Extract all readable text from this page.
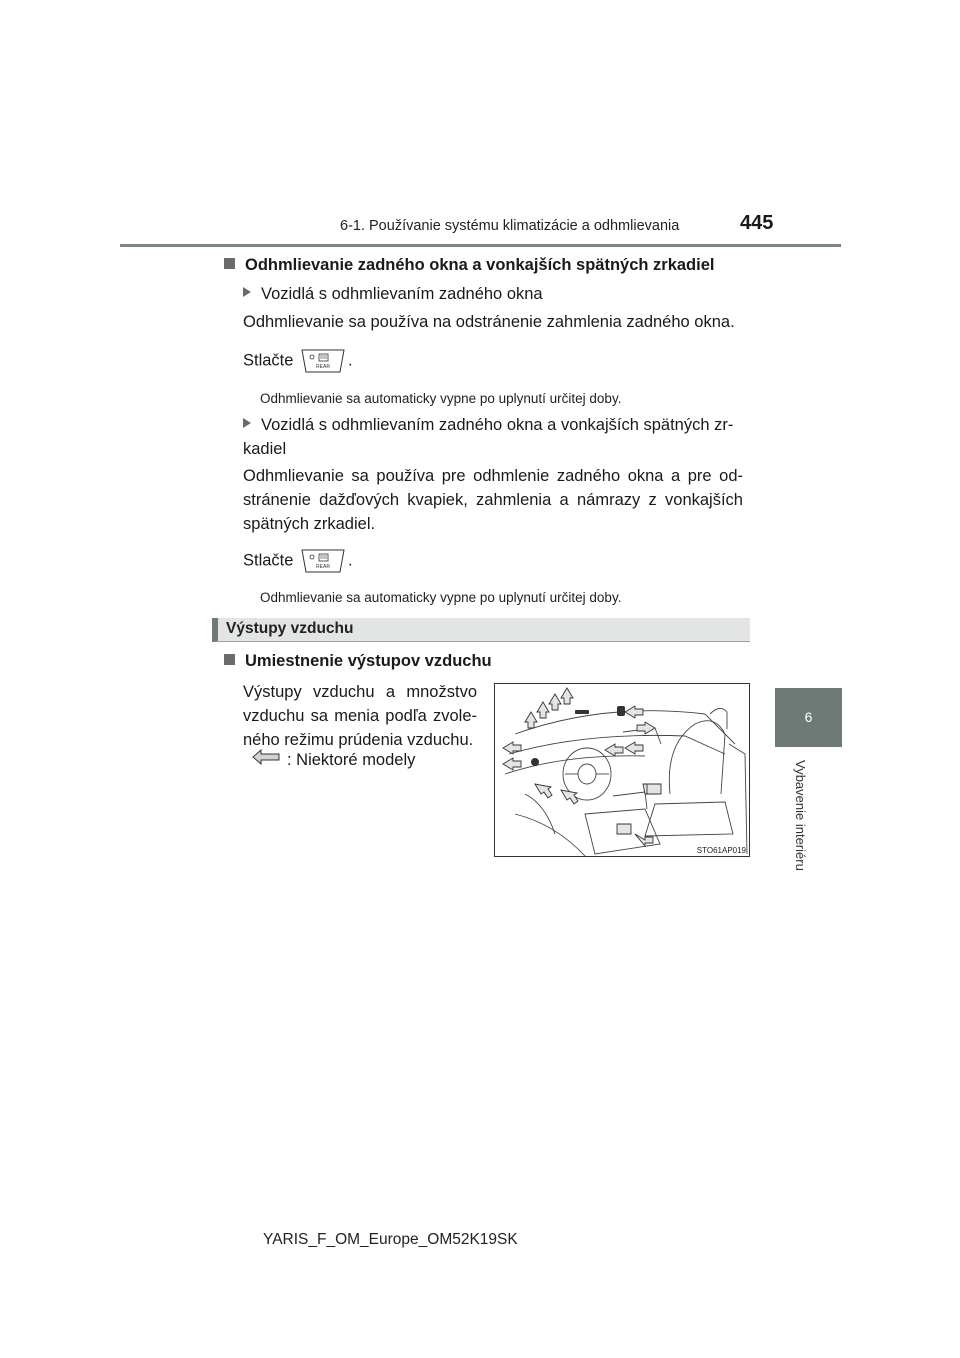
6-1. Používanie systému klimatizácie a odhmlievania	445
6
Vybavenie interiéru
Odhmlievanie zadného okna a vonkajších spätných zrkadiel
Vozidlá s odhmlievaním zadného okna
Odhmlievanie sa používa na odstránenie zahmlenia zadného okna.
Stlačte	REAR .
Odhmlievanie sa automaticky vypne po uplynutí určitej doby.
Vozidlá s odhmlievaním zadného okna a vonkajších spätných zr-kadiel
Odhmlievanie sa používa pre odhmlenie zadného okna a pre od-stránenie dažďových kvapiek, zahmlenia a námrazy z vonkajších spätných zrkadiel.
Stlačte	REAR .
Odhmlievanie sa automaticky vypne po uplynutí určitej doby.
Výstupy vzduchu
Umiestnenie výstupov vzduchu
Výstupy vzduchu a množstvo vzduchu sa menia podľa zvole-ného režimu prúdenia vzduchu.
: Niektoré modely
STO61AP019
YARIS_F_OM_Europe_OM52K19SK
